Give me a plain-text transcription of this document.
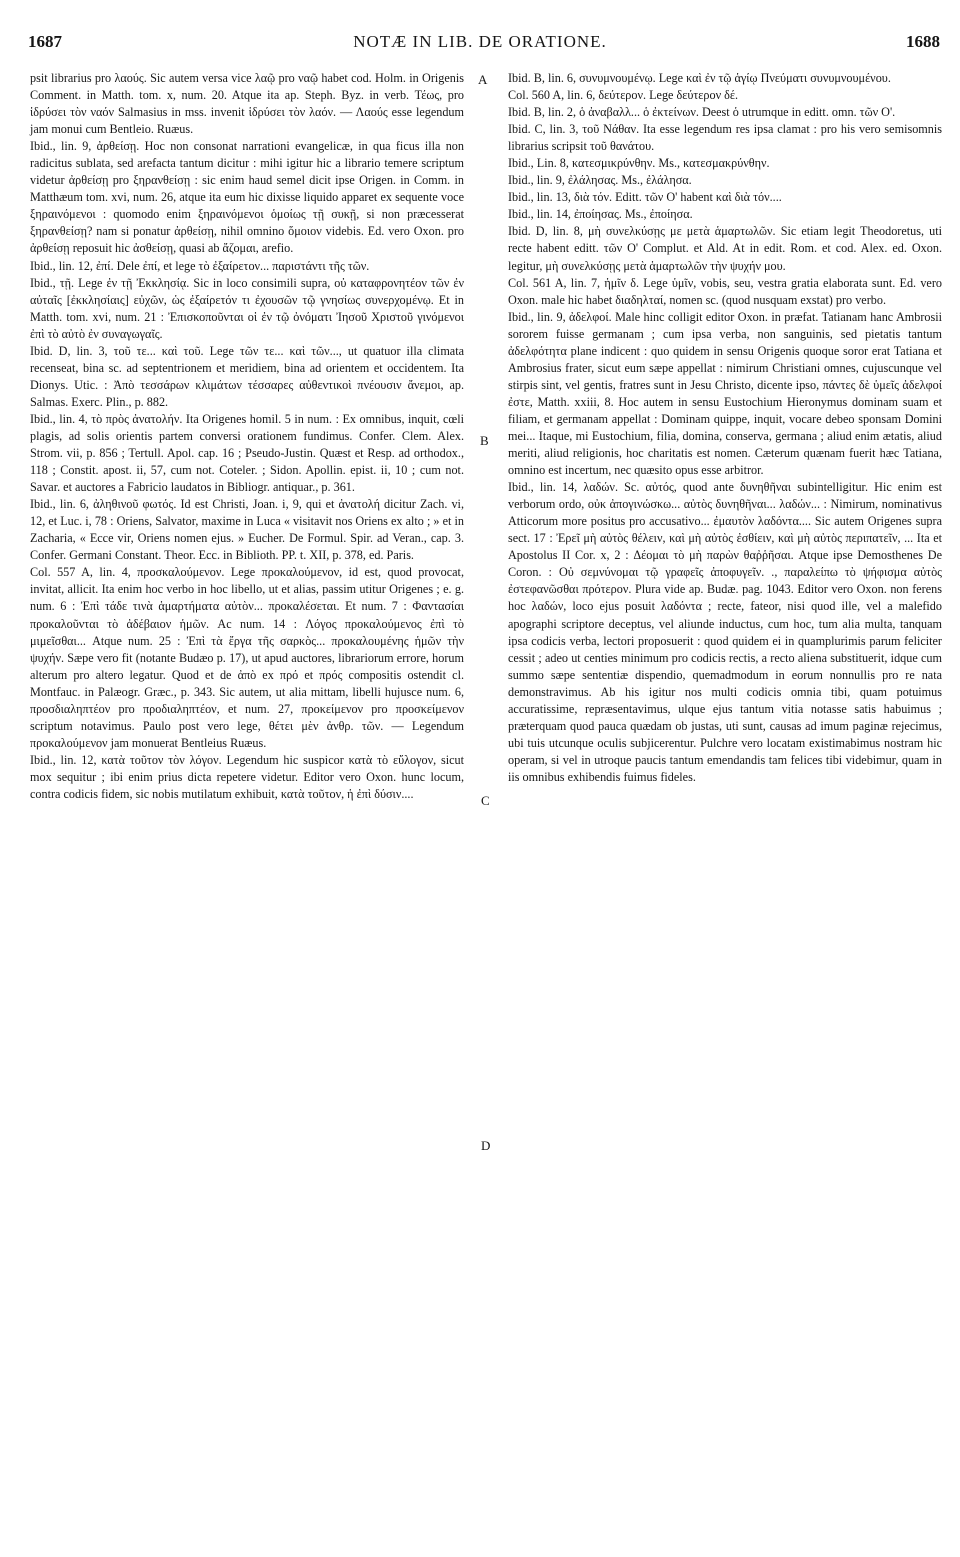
1687	NOTÆ IN LIB. DE ORATIONE.	1688
A
B
C
D

psit librarius pro λαούς. Sic autem versa vice λαῷ pro ναῷ habet cod. Holm. in Origenis Comment. in Matth. tom. x, num. 20. Atque ita ap. Steph. Byz. in verb. Τέως, pro ἱδρύσει τὸν ναόν Salmasius in mss. invenit ἱδρύσει τὸν λαόν. — Λαούς esse legendum jam monui cum Bentleio. Ruæus.

Ibid., lin. 9, ἀρθείσῃ. Hoc non consonat narrationi evangelicæ, in qua ficus illa non radicitus sublata, sed arefacta tantum dicitur : mihi igitur hic a librario temere scriptum videtur ἀρθείσῃ pro ξηρανθείσῃ : sic enim haud semel dicit ipse Origen. in Comm. in Matthæum tom. xvi, num. 26, atque ita eum hic dixisse liquido apparet ex sequente voce ξηραινόμενοι : quomodo enim ξηραινόμενοι ὁμοίως τῇ συκῇ, si non præcesserat ξηρανθείσῃ? nam si ponatur ἀρθείσῃ, nihil omnino ὅμοιον videbis. Ed. vero Oxon. pro ἀρθείσῃ reposuit hic ἀσθείσῃ, quasi ab ἄζομαι, arefio.

Ibid., lin. 12, ἐπί. Dele ἐπί, et lege τὸ ἐξαίρετον... παριστάντι τῆς τῶν.

Ibid., τῇ. Lege ἐν τῇ Ἐκκλησίᾳ. Sic in loco consimili supra, οὐ καταφρονητέον τῶν ἐν αὐταῖς [ἐκκλησίαις] εὐχῶν, ὡς ἐξαίρετόν τι ἐχουσῶν τῷ γνησίως συνερχομένῳ. Et in Matth. tom. xvi, num. 21 : Ἐπισκοποῦνται οἱ ἐν τῷ ὀνόματι Ἰησοῦ Χριστοῦ γινόμενοι ἐπὶ τὸ αὐτὸ ἐν συναγωγαῖς.

Ibid. D, lin. 3, τοῦ τε... καὶ τοῦ. Lege τῶν τε... καὶ τῶν..., ut quatuor illa climata recenseat, bina sc. ad septentrionem et meridiem, bina ad orientem et occidentem. Ita Dionys. Utic. : Ἀπὸ τεσσάρων κλιμάτων τέσσαρες αὐθεντικοὶ πνέουσιν ἄνεμοι, ap. Salmas. Exerc. Plin., p. 882.

Ibid., lin. 4, τὸ πρὸς ἀνατολήν. Ita Origenes homil. 5 in num. : Ex omnibus, inquit, cœli plagis, ad solis orientis partem conversi orationem fundimus. Confer. Clem. Alex. Strom. vii, p. 856 ; Tertull. Apol. cap. 16 ; Pseudo-Justin. Quæst et Resp. ad orthodox., 118 ; Constit. apost. ii, 57, cum not. Coteler. ; Sidon. Apollin. epist. ii, 10 ; cum not. Savar. et auctores a Fabricio laudatos in Bibliogr. antiquar., p. 361.

Ibid., lin. 6, ἀληθινοῦ φωτός. Id est Christi, Joan. i, 9, qui et ἀνατολή dicitur Zach. vi, 12, et Luc. i, 78 : Oriens, Salvator, maxime in Luca « visitavit nos Oriens ex alto ; » et in Zacharia, « Ecce vir, Oriens nomen ejus. » Eucher. De Formul. Spir. ad Veran., cap. 3. Confer. Germani Constant. Theor. Ecc. in Biblioth. PP. t. XII, p. 378, ed. Paris.

Col. 557 A, lin. 4, προσκαλούμενον. Lege προκαλούμενον, id est, quod provocat, invitat, allicit. Ita enim hoc verbo in hoc libello, ut et alias, passim utitur Origenes ; e. g. num. 6 : Ἐπὶ τάδε τινὰ ἁμαρτήματα αὐτὸν... προκαλέσεται. Et num. 7 : Φαντασίαι προκαλοῦνται τὸ ἀδέβαιον ἡμῶν. Ac num. 14 : Λόγος προκαλούμενος ἐπὶ τὸ μιμεῖσθαι... Atque num. 25 : Ἐπὶ τὰ ἔργα τῆς σαρκὸς... προκαλουμένης ἡμῶν τὴν ψυχήν. Sæpe vero fit (notante Budæo p. 17), ut apud auctores, librariorum errore, horum alterum pro altero legatur. Quod et de ἀπὸ ex πρό et πρός compositis ostendit cl. Montfauc. in Palæogr. Græc., p. 343. Sic autem, ut alia mittam, libelli hujusce num. 6, προσδιαληπτέον pro προδιαληπτέον, et num. 27, προκείμενον pro προσκείμενον scriptum notavimus. Paulo post vero lege, θέτει μὲν ἀνθρ. τῶν. — Legendum προκαλούμενον jam monuerat Bentleius Ruæus.

Ibid., lin. 12, κατὰ τοῦτον τὸν λόγον. Legendum hic suspicor κατὰ τὸ εὔλογον, sicut mox sequitur ; ibi enim prius dicta repetere videtur. Editor vero Oxon. hunc locum, contra codicis fidem, sic nobis mutilatum exhibuit, κατὰ τοῦτον, ἡ ἐπὶ δύσιν....

Ibid. B, lin. 6, συνυμνουμένῳ. Lege καὶ ἐν τῷ ἁγίῳ Πνεύματι συνυμνουμένου.

Col. 560 A, lin. 6, δεύτερον. Lege δεύτερον δέ.

Ibid. B, lin. 2, ὁ ἀναβαλλ... ὁ ἐκτείνων. Deest ὁ utrumque in editt. omn. τῶν Ο'.

Ibid. C, lin. 3, τοῦ Νάθαν. Ita esse legendum res ipsa clamat : pro his vero semisomnis librarius scripsit τοῦ θανάτου.

Ibid., Lin. 8, κατεσμικρύνθην. Ms., κατεσμακρύνθην.

Ibid., lin. 9, ἐλάλησας. Ms., ἐλάλησα.

Ibid., lin. 13, διὰ τόν. Editt. τῶν Ο' habent καὶ διὰ τόν....

Ibid., lin. 14, ἐποίησας. Ms., ἐποίησα.

Ibid. D, lin. 8, μὴ συνελκύσῃς με μετὰ ἁμαρτωλῶν. Sic etiam legit Theodoretus, uti recte habent editt. τῶν Ο' Complut. et Ald. At in edit. Rom. et cod. Alex. ed. Oxon. legitur, μὴ συνελκύσῃς μετὰ ἁμαρτωλῶν τὴν ψυχήν μου.

Col. 561 A, lin. 7, ἡμῖν δ. Lege ὑμῖν, vobis, seu, vestra gratia elaborata sunt. Ed. vero Oxon. male hic habet διαδηλταί, nomen sc. (quod nusquam exstat) pro verbo.

Ibid., lin. 9, ἀδελφοί. Male hinc colligit editor Oxon. in præfat. Tatianam hanc Ambrosii sororem fuisse germanam ; cum ipsa verba, non sanguinis, sed pietatis tantum ἀδελφότητα plane indicent : quo quidem in sensu Origenis quoque soror erat Tatiana et Ambrosius frater, sicut eum sæpe appellat : nimirum Christiani omnes, cujuscunque vel stirpis sint, vel gentis, fratres sunt in Jesu Christo, dicente ipso, πάντες δὲ ὑμεῖς ἀδελφοί ἐστε, Matth. xxiii, 8. Hoc autem in sensu Eustochium Hieronymus dominam suam et filiam, et germanam appellat : Dominam quippe, inquit, vocare debeo sponsam Domini mei... Itaque, mi Eustochium, filia, domina, conserva, germana ; aliud enim ætatis, aliud meriti, aliud religionis, hoc charitatis est nomen. Cæterum quænam fuerit hæc Tatiana, omnino est incertum, nec quæsito opus esse arbitror.

Ibid., lin. 14, λαδών. Sc. αὐτός, quod ante δυνηθῆναι subintelligitur. Hic enim est verborum ordo, οὐκ ἀπογινώσκω... αὐτὸς δυνηθῆναι... λαδών... : Nimirum, nominativus Atticorum more positus pro accusativo... ἐμαυτὸν λαδόντα.... Sic autem Origenes supra sect. 17 : Ἐρεῖ μὴ αὐτὸς θέλειν, καὶ μὴ αὐτὸς ἐσθίειν, καὶ μὴ αὐτὸς περιπατεῖν, ... Ita et Apostolus II Cor. x, 2 : Δέομαι τὸ μὴ παρὼν θαῤῥῆσαι. Atque ipse Demosthenes De Coron. : Οὐ σεμνύνομαι τῷ γραφεῖς ἀποφυγεῖν. ., παραλείπω τὸ ψήφισμα αὐτὸς ἐστεφανῶσθαι πρότερον. Plura vide ap. Budæ. pag. 1043. Editor vero Oxon. non ferens hoc λαδών, loco ejus posuit λαδόντα ; recte, fateor, nisi quod ille, vel a malefido apographi scriptore deceptus, vel aliunde inductus, cum hoc, tum alia multa, tanquam ipsa codicis verba, lectori proposuerit : quod quidem ei in quamplurimis parum feliciter cessit ; adeo ut centies minimum pro codicis rectis, a recto aliena substituerit, idque cum summo sæpe sententiæ dispendio, quemadmodum in eorum nonnullis pro re nata demonstravimus. Ab his igitur nos multi codicis omnia tibi, quam potuimus accuratissime, repræsentavimus, ulque ejus tantum vitia notasse satis habuimus ; præterquam quod pauca quædam ob justas, uti sunt, causas ad imum paginæ rejecimus, ubi tuis utcunque oculis subjicerentur. Pulchre vero locatam existimabimus nostram hic operam, si vel in utroque paucis tantum emendandis tam felices tibi videbimur, quam in iis omnibus exhibendis fuimus fideles.
